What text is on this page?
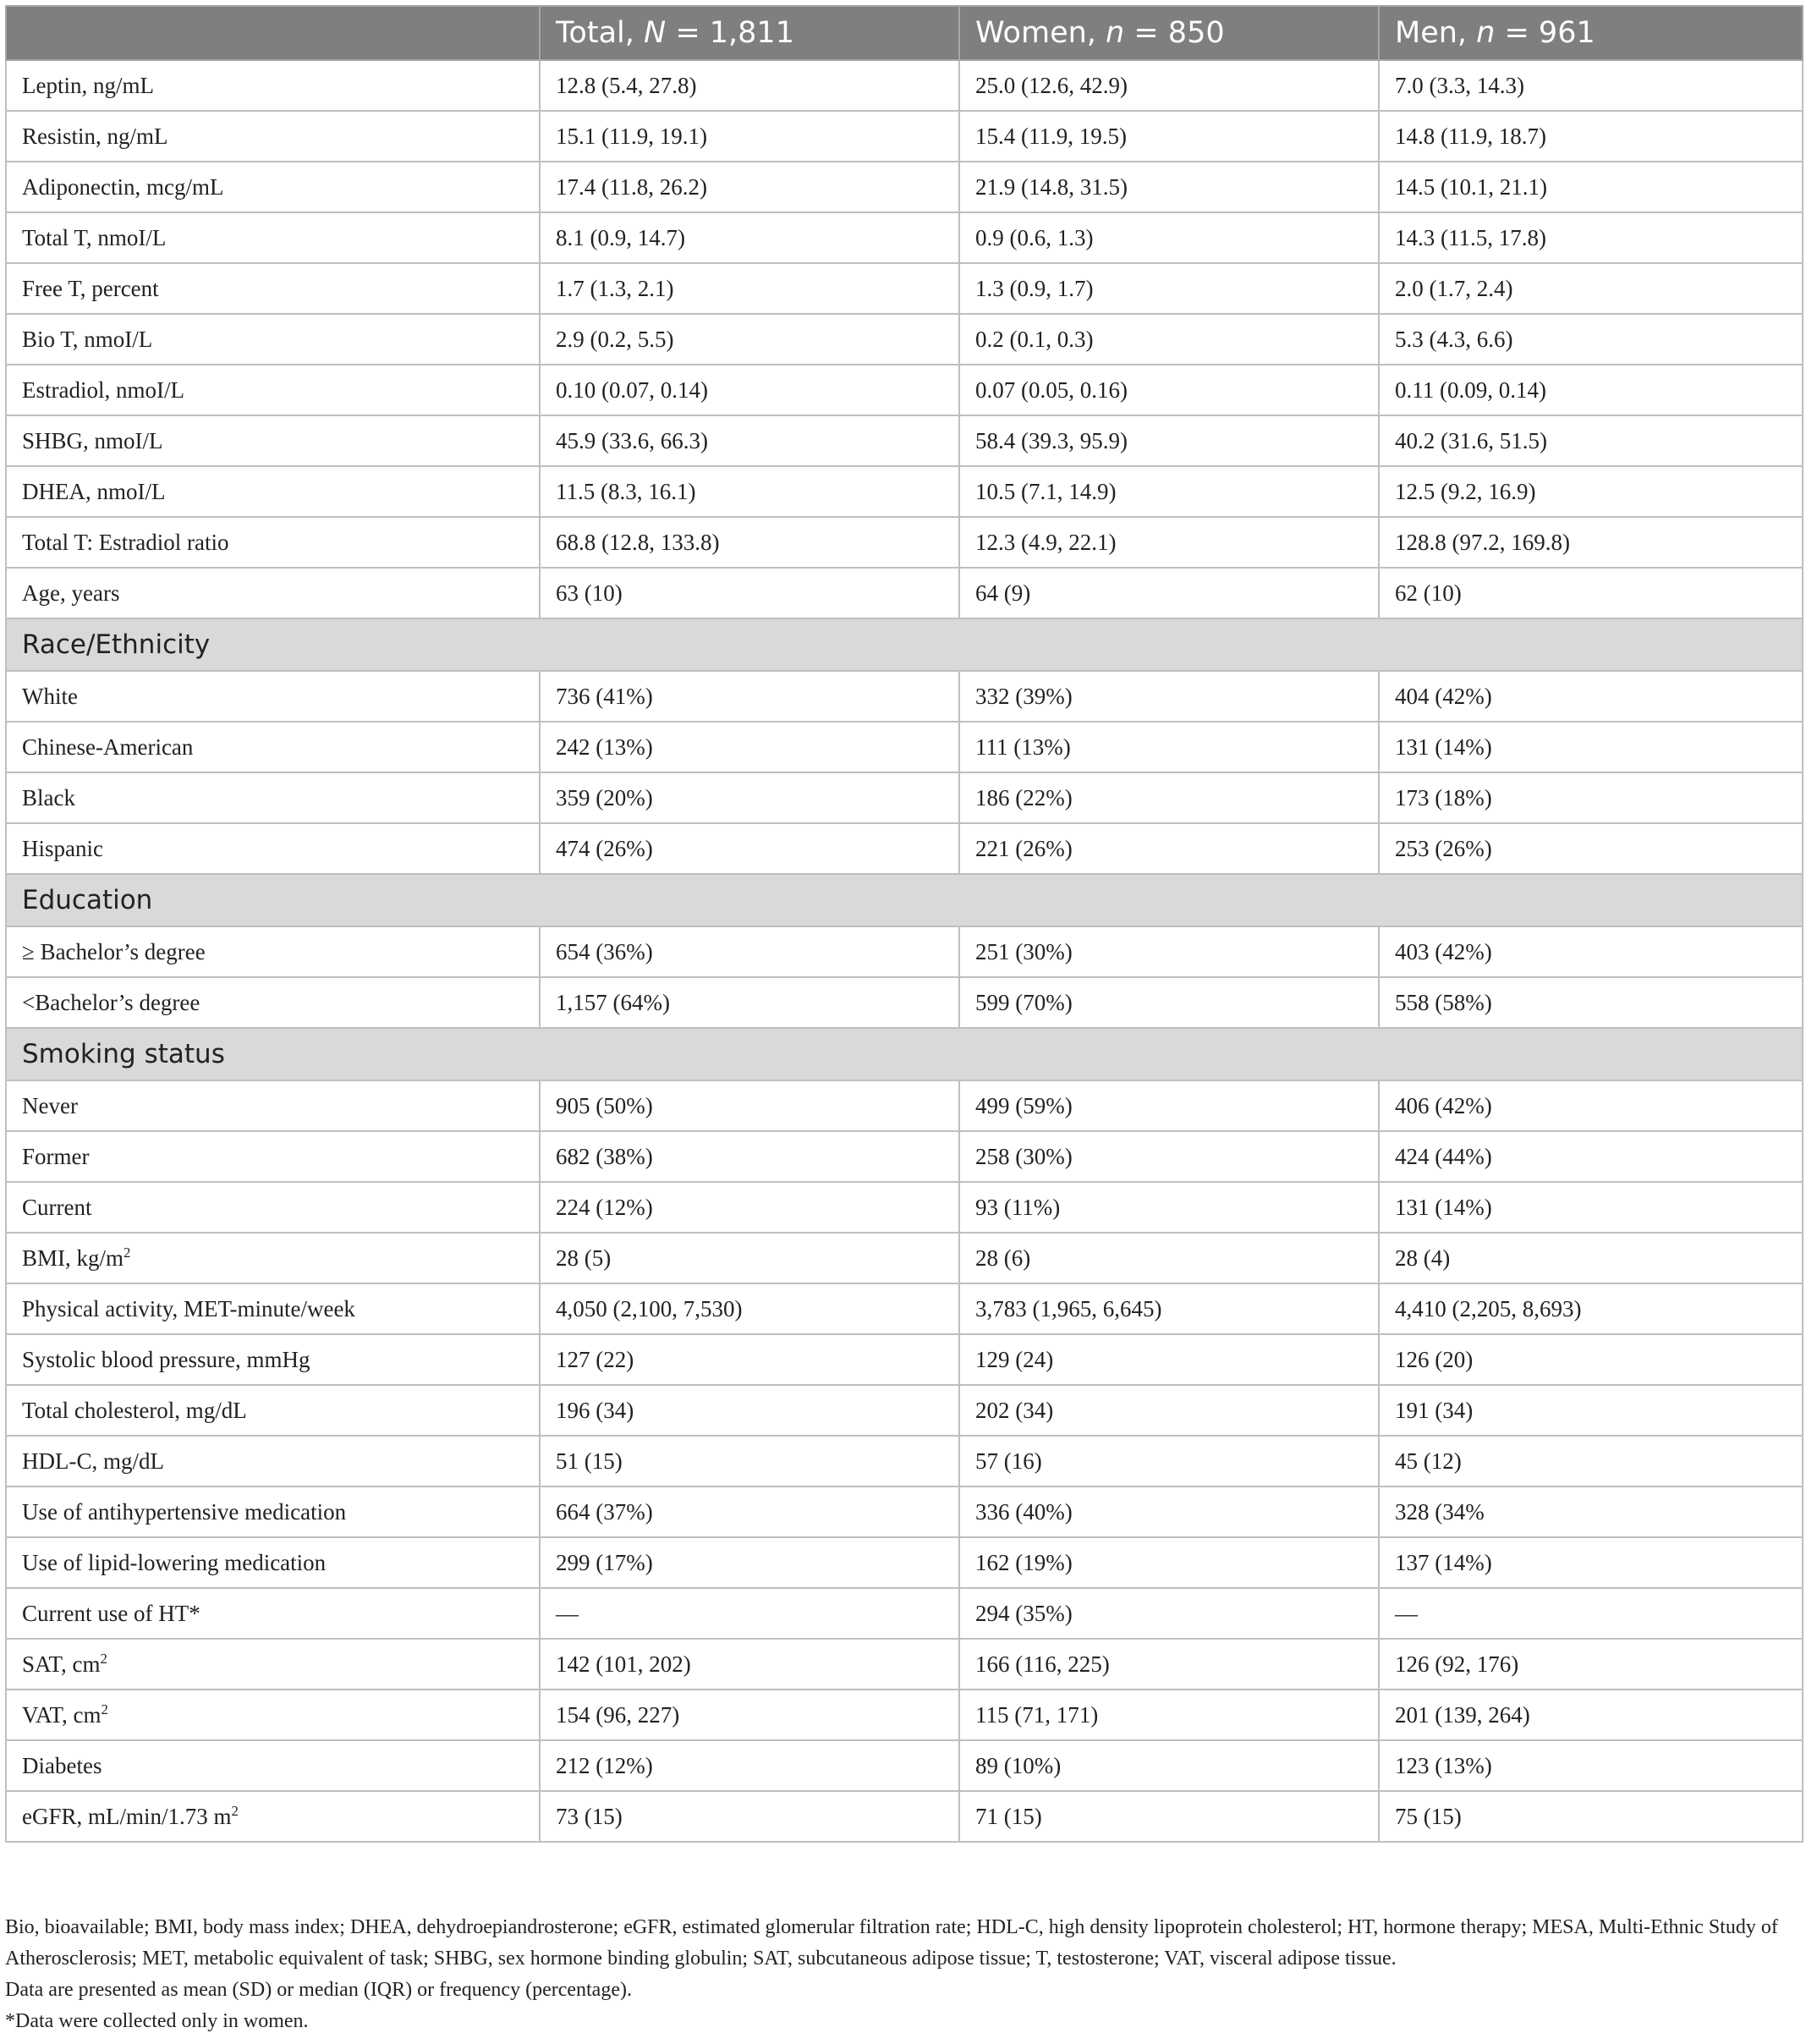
	Total, N = 1,811	Women, n = 850	Men, n = 961
Leptin, ng/mL	12.8 (5.4, 27.8)	25.0 (12.6, 42.9)	7.0 (3.3, 14.3)
Resistin, ng/mL	15.1 (11.9, 19.1)	15.4 (11.9, 19.5)	14.8 (11.9, 18.7)
Adiponectin, mcg/mL	17.4 (11.8, 26.2)	21.9 (14.8, 31.5)	14.5 (10.1, 21.1)
Total T, nmoI/L	8.1 (0.9, 14.7)	0.9 (0.6, 1.3)	14.3 (11.5, 17.8)
Free T, percent	1.7 (1.3, 2.1)	1.3 (0.9, 1.7)	2.0 (1.7, 2.4)
Bio T, nmoI/L	2.9 (0.2, 5.5)	0.2 (0.1, 0.3)	5.3 (4.3, 6.6)
Estradiol, nmoI/L	0.10 (0.07, 0.14)	0.07 (0.05, 0.16)	0.11 (0.09, 0.14)
SHBG, nmoI/L	45.9 (33.6, 66.3)	58.4 (39.3, 95.9)	40.2 (31.6, 51.5)
DHEA, nmoI/L	11.5 (8.3, 16.1)	10.5 (7.1, 14.9)	12.5 (9.2, 16.9)
Total T: Estradiol ratio	68.8 (12.8, 133.8)	12.3 (4.9, 22.1)	128.8 (97.2, 169.8)
Age, years	63 (10)	64 (9)	62 (10)
Race/Ethnicity			
White	736 (41%)	332 (39%)	404 (42%)
Chinese-American	242 (13%)	111 (13%)	131 (14%)
Black	359 (20%)	186 (22%)	173 (18%)
Hispanic	474 (26%)	221 (26%)	253 (26%)
Education			
≥ Bachelor’s degree	654 (36%)	251 (30%)	403 (42%)
<Bachelor’s degree	1,157 (64%)	599 (70%)	558 (58%)
Smoking status			
Never	905 (50%)	499 (59%)	406 (42%)
Former	682 (38%)	258 (30%)	424 (44%)
Current	224 (12%)	93 (11%)	131 (14%)
BMI, $kg/m^2$	28 (5)	28 (6)	28 (4)
Physical activity, MET-minute/week	4,050 (2,100, 7,530)	3,783 (1,965, 6,645)	4,410 (2,205, 8,693)
Systolic blood pressure, mmHg	127 (22)	129 (24)	126 (20)
Total cholesterol, mg/dL	196 (34)	202 (34)	191 (34)
HDL-C, mg/dL	51 (15)	57 (16)	45 (12)
Use of antihypertensive medication	664 (37%)	336 (40%)	328 (34%
Use of lipid-lowering medication	299 (17%)	162 (19%)	137 (14%)
Current use of HT*	—	294 (35%)	—
SAT, $cm^2$	142 (101, 202)	166 (116, 225)	126 (92, 176)
VAT, $cm^2$	154 (96, 227)	115 (71, 171)	201 (139, 264)
Diabetes	212 (12%)	89 (10%)	123 (13%)
eGFR, mL/min/1.73 $m^2$	73 (15)	71 (15)	75 (15)

Bio, bioavailable; BMI, body mass index; DHEA, dehydroepiandrosterone; eGFR, estimated glomerular filtration rate; HDL-C, high density lipoprotein cholesterol; HT, hormone therapy; MESA, Multi-Ethnic Study of Atherosclerosis; MET, metabolic equivalent of task; SHBG, sex hormone binding globulin; SAT, subcutaneous adipose tissue; T, testosterone; VAT, visceral adipose tissue.

Data are presented as mean (SD) or median (IQR) or frequency (percentage).

*Data were collected only in women.
